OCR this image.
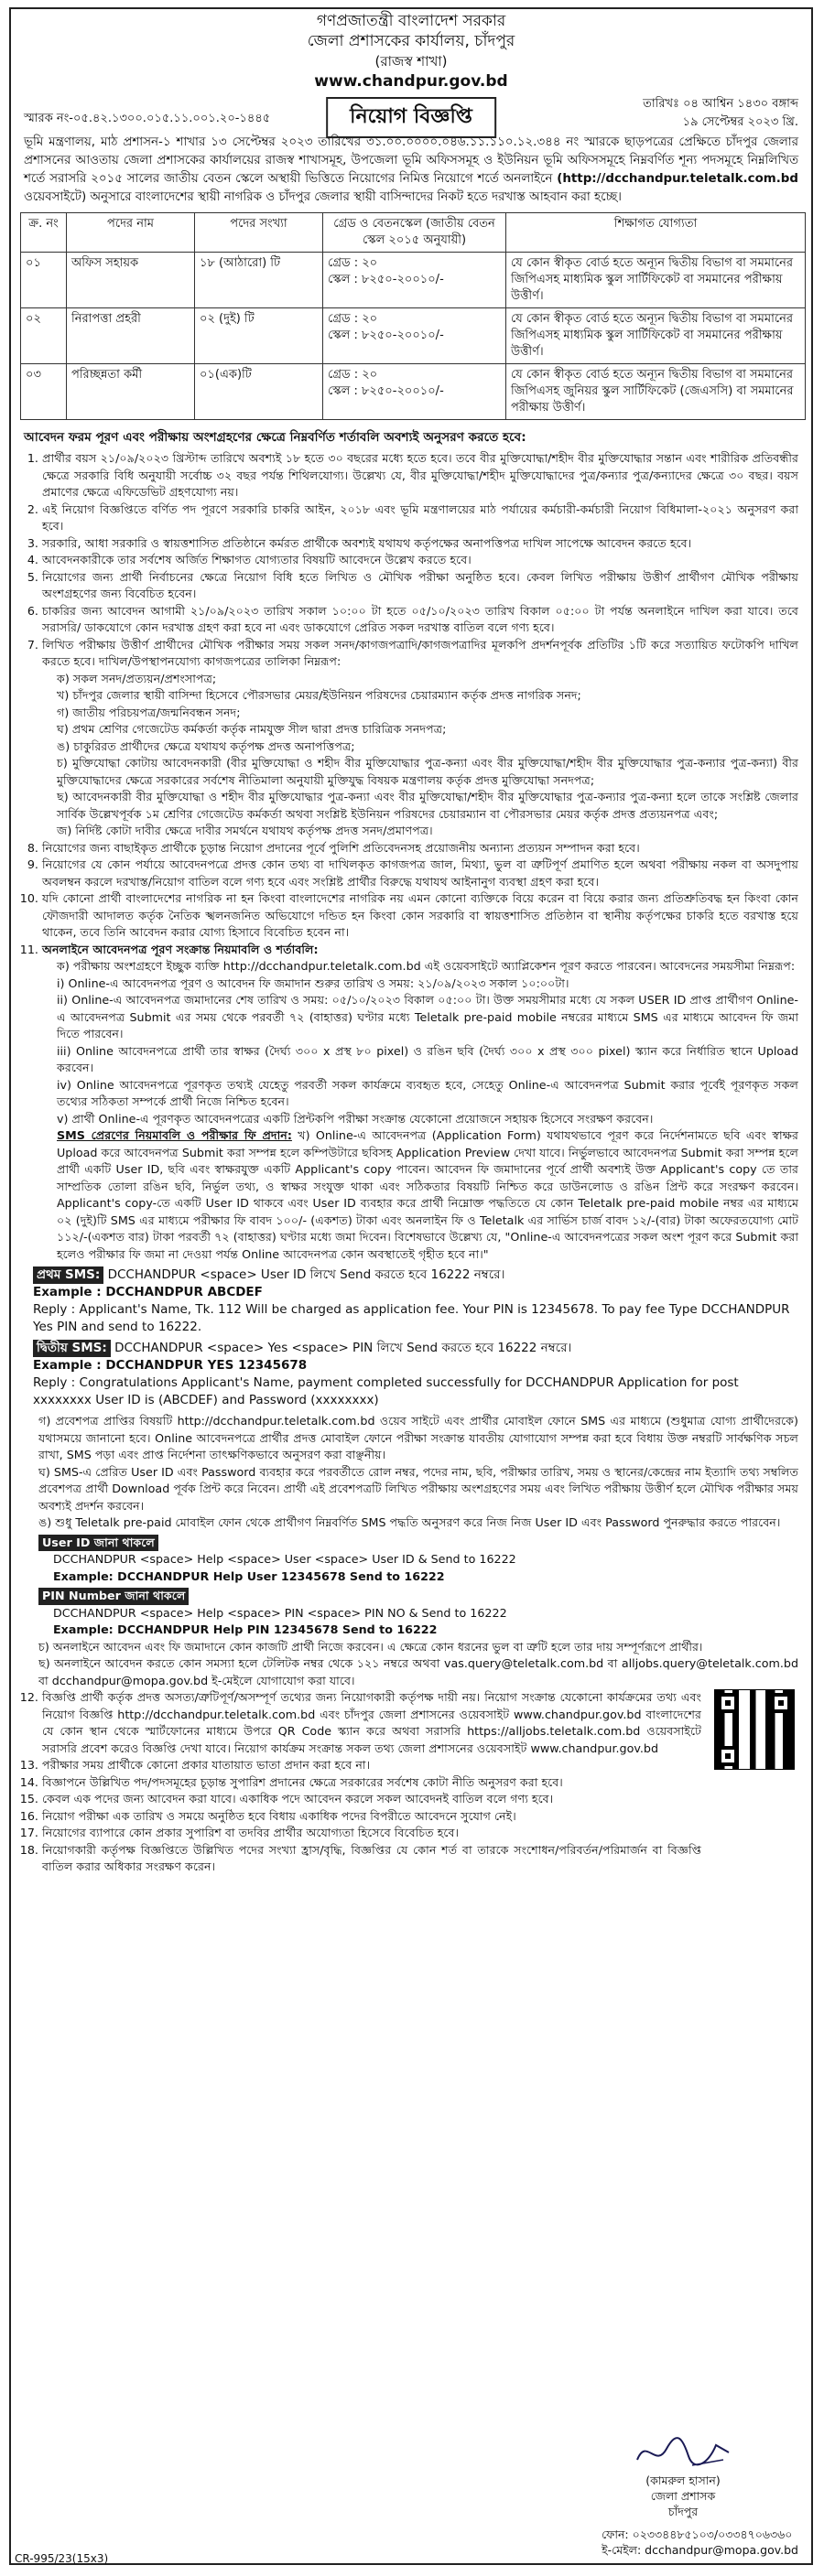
গণপ্রজাতন্ত্রী বাংলাদেশ সরকার
জেলা প্রশাসকের কার্যালয়, চাঁদপুর
(রাজস্ব শাখা)
www.chandpur.gov.bd
স্মারক নং-০৫.৪২.১৩০০.০১৫.১১.০০১.২০-১৪৪৫	নিয়োগ বিজ্ঞপ্তি
তারিখঃ ০৪ আশ্বিন ১৪৩০ বঙ্গাব্দ
১৯ সেপ্টেম্বর ২০২৩ খ্রি.
ভূমি মন্ত্রণালয়, মাঠ প্রশাসন-১ শাখার ১৩ সেপ্টেম্বর ২০২৩ তারিখের ৩১.০০.০০০০.০৪৬.১১.১১০.১২.৩৪৪ নং স্মারকে ছাড়পত্রের প্রেক্ষিতে চাঁদপুর জেলার প্রশাসনের আওতায় জেলা প্রশাসকের কার্যালয়ের রাজস্ব শাখাসমূহ, উপজেলা ভূমি অফিসসমূহ ও ইউনিয়ন ভূমি অফিসসমূহে নিম্নবর্ণিত শূন্য পদসমূহে নিম্নলিখিত শর্তে সরাসরি ২০১৫ সালের জাতীয় বেতন স্কেলে অস্থায়ী ভিত্তিতে নিয়োগের নিমিত্ত নিয়োগে শর্তে অনলাইনে (http://dcchandpur.teletalk.com.bd ওয়েবসাইটে) অনুসারে বাংলাদেশের স্থায়ী নাগরিক ও চাঁদপুর জেলার স্থায়ী বাসিন্দাদের নিকট হতে দরখাস্ত আহবান করা হচ্ছে।
ক্র. নং	পদের নাম	পদের সংখ্যা	গ্রেড ও বেতনস্কেল (জাতীয় বেতন স্কেল ২০১৫ অনুযায়ী)	শিক্ষাগত যোগ্যতা
০১	অফিস সহায়ক	১৮ (আঠারো) টি	গ্রেড : ২০
স্কেল : ৮২৫০-২০০১০/-	যে কোন স্বীকৃত বোর্ড হতে অন্যূন দ্বিতীয় বিভাগ বা সমমানের জিপিএসহ মাধ্যমিক স্কুল সার্টিফিকেট বা সমমানের পরীক্ষায় উত্তীর্ণ।
০২	নিরাপত্তা প্রহরী	০২ (দুই) টি	গ্রেড : ২০
স্কেল : ৮২৫০-২০০১০/-	যে কোন স্বীকৃত বোর্ড হতে অন্যূন দ্বিতীয় বিভাগ বা সমমানের জিপিএসহ মাধ্যমিক স্কুল সার্টিফিকেট বা সমমানের পরীক্ষায় উত্তীর্ণ।
০৩	পরিচ্ছন্নতা কর্মী	০১(এক)টি	গ্রেড : ২০
স্কেল : ৮২৫০-২০০১০/-	যে কোন স্বীকৃত বোর্ড হতে অন্যূন দ্বিতীয় বিভাগ বা সমমানের জিপিএসহ জুনিয়র স্কুল সার্টিফিকেট (জেএসসি) বা সমমানের পরীক্ষায় উত্তীর্ণ।
আবেদন ফরম পূরণ এবং পরীক্ষায় অংশগ্রহণের ক্ষেত্রে নিম্নবর্ণিত শর্তাবলি অবশ্যই অনুসরণ করতে হবে:
1. প্রার্থীর বয়স ২১/০৯/২০২৩ খ্রিস্টাব্দ তারিখে অবশ্যই ১৮ হতে ৩০ বছরের মধ্যে হতে হবে। তবে বীর মুক্তিযোদ্ধা/শহীদ বীর মুক্তিযোদ্ধার সন্তান এবং শারীরিক প্রতিবন্ধীর ক্ষেত্রে সরকারি বিধি অনুযায়ী সর্বোচ্চ ৩২ বছর পর্যন্ত শিথিলযোগ্য। উল্লেখ্য যে, বীর মুক্তিযোদ্ধা/শহীদ মুক্তিযোদ্ধাদের পুত্র/কন্যার পুত্র/কন্যাদের ক্ষেত্রে ৩০ বছর। বয়স প্রমাণের ক্ষেত্রে এফিডেভিট গ্রহণযোগ্য নয়।
2. এই নিয়োগ বিজ্ঞপ্তিতে বর্ণিত পদ পূরণে সরকারি চাকরি আইন, ২০১৮ এবং ভূমি মন্ত্রণালয়ের মাঠ পর্যায়ের কর্মচারী-কর্মচারী নিয়োগ বিধিমালা-২০২১ অনুসরণ করা হবে।
3. সরকারি, আধা সরকারি ও স্বায়ত্তশাসিত প্রতিষ্ঠানে কর্মরত প্রার্থীকে অবশ্যই যথাযথ কর্তৃপক্ষের অনাপত্তিপত্র দাখিল সাপেক্ষে আবেদন করতে হবে।
4. আবেদনকারীকে তার সর্বশেষ অর্জিত শিক্ষাগত যোগ্যতার বিষয়টি আবেদনে উল্লেখ করতে হবে।
5. নিয়োগের জন্য প্রার্থী নির্বাচনের ক্ষেত্রে নিয়োগ বিধি হতে লিখিত ও মৌখিক পরীক্ষা অনুষ্ঠিত হবে। কেবল লিখিত পরীক্ষায় উত্তীর্ণ প্রার্থীগণ মৌখিক পরীক্ষায় অংশগ্রহণের জন্য বিবেচিত হবেন।
6. চাকরির জন্য আবেদন আগামী ২১/০৯/২০২৩ তারিখ সকাল ১০:০০ টা হতে ০৫/১০/২০২৩ তারিখ বিকাল ০৫:০০ টা পর্যন্ত অনলাইনে দাখিল করা যাবে। তবে সরাসরি/ ডাকযোগে কোন দরখাস্ত গ্রহণ করা হবে না এবং ডাকযোগে প্রেরিত সকল দরখাস্ত বাতিল বলে গণ্য হবে।
7. লিখিত পরীক্ষায় উত্তীর্ণ প্রার্থীদের মৌখিক পরীক্ষার সময় সকল সনদ/কাগজপত্রাদি/কাগজপত্রাদির মূলকপি প্রদর্শনপূর্বক প্রতিটির ১টি করে সত্যায়িত ফটোকপি দাখিল করতে হবে। দাখিল/উপস্থাপনযোগ্য কাগজপত্রের তালিকা নিম্নরূপ:
ক) সকল সনদ/প্রত্যয়ন/প্রশংসাপত্র;
খ) চাঁদপুর জেলার স্থায়ী বাসিন্দা হিসেবে পৌরসভার মেয়র/ইউনিয়ন পরিষদের চেয়ারম্যান কর্তৃক প্রদত্ত নাগরিক সনদ;
গ) জাতীয় পরিচয়পত্র/জন্মনিবন্ধন সনদ;
ঘ) প্রথম শ্রেণির গেজেটেড কর্মকর্তা কর্তৃক নামযুক্ত সীল দ্বারা প্রদত্ত চারিত্রিক সনদপত্র;
ঙ) চাকুরিরত প্রার্থীদের ক্ষেত্রে যথাযথ কর্তৃপক্ষ প্রদত্ত অনাপত্তিপত্র;
চ) মুক্তিযোদ্ধা কোটায় আবেদনকারী (বীর মুক্তিযোদ্ধা ও শহীদ বীর মুক্তিযোদ্ধার পুত্র-কন্যা এবং বীর মুক্তিযোদ্ধা/শহীদ বীর মুক্তিযোদ্ধার পুত্র-কন্যার পুত্র-কন্যা) বীর মুক্তিযোদ্ধাদের ক্ষেত্রে সরকারের সর্বশেষ নীতিমালা অনুযায়ী মুক্তিযুদ্ধ বিষয়ক মন্ত্রণালয় কর্তৃক প্রদত্ত মুক্তিযোদ্ধা সনদপত্র;
ছ) আবেদনকারী বীর মুক্তিযোদ্ধা ও শহীদ বীর মুক্তিযোদ্ধার পুত্র-কন্যা এবং বীর মুক্তিযোদ্ধা/শহীদ বীর মুক্তিযোদ্ধার পুত্র-কন্যার পুত্র-কন্যা হলে তাকে সংশ্লিষ্ট জেলার সার্বিক উল্লেখপূর্বক ১ম শ্রেণির গেজেটেড কর্মকর্তা অথবা সংশ্লিষ্ট ইউনিয়ন পরিষদের চেয়ারম্যান বা পৌরসভার মেয়র কর্তৃক প্রদত্ত প্রত্যয়নপত্র এবং;
জ) নির্দিষ্ট কোটা দাবীর ক্ষেত্রে দাবীর সমর্থনে যথাযথ কর্তৃপক্ষ প্রদত্ত সনদ/প্রমাণপত্র।
8. নিয়োগের জন্য বাছাইকৃত প্রার্থীকে চূড়ান্ত নিয়োগ প্রদানের পূর্বে পুলিশি প্রতিবেদনসহ প্রয়োজনীয় অন্যান্য প্রত্যয়ন সম্পাদন করা হবে।
9. নিয়োগের যে কোন পর্যায়ে আবেদনপত্রে প্রদত্ত কোন তথ্য বা দাখিলকৃত কাগজপত্র জাল, মিথ্যা, ভুল বা ত্রুটিপূর্ণ প্রমাণিত হলে অথবা পরীক্ষায় নকল বা অসদুপায় অবলম্বন করলে দরখাস্ত/নিয়োগ বাতিল বলে গণ্য হবে এবং সংশ্লিষ্ট প্রার্থীর বিরুদ্ধে যথাযথ আইনানুগ ব্যবস্থা গ্রহণ করা হবে।
10. যদি কোনো প্রার্থী বাংলাদেশের নাগরিক না হন কিংবা বাংলাদেশের নাগরিক নয় এমন কোনো ব্যক্তিকে বিয়ে করেন বা বিয়ে করার জন্য প্রতিশ্রুতিবদ্ধ হন কিংবা কোন ফৌজদারী আদালত কর্তৃক নৈতিক স্খলনজনিত অভিযোগে দন্ডিত হন কিংবা কোন সরকারি বা স্বায়ত্তশাসিত প্রতিষ্ঠান বা স্থানীয় কর্তৃপক্ষের চাকরি হতে বরখাস্ত হয়ে থাকেন, তবে তিনি আবেদন করার যোগ্য হিসাবে বিবেচিত হবেন না।
11. অনলাইনে আবেদনপত্র পূরণ সংক্রান্ত নিয়মাবলি ও শর্তাবলি:
ক) পরীক্ষায় অংশগ্রহণে ইচ্ছুক ব্যক্তি http://dcchandpur.teletalk.com.bd এই ওয়েবসাইটে অ্যাপ্লিকেশন পূরণ করতে পারবেন। আবেদনের সময়সীমা নিম্নরূপ:
i) Online-এ আবেদনপত্র পূরণ ও আবেদন ফি জমাদান শুরুর তারিখ ও সময়: ২১/০৯/২০২৩ সকাল ১০:০০টা।
ii) Online-এ আবেদনপত্র জমাদানের শেষ তারিখ ও সময়: ০৫/১০/২০২৩ বিকাল ০৫:০০ টা। উক্ত সময়সীমার মধ্যে যে সকল USER ID প্রাপ্ত প্রার্থীগণ Online-এ আবেদনপত্র Submit এর সময় থেকে পরবর্তী ৭২ (বাহাত্তর) ঘণ্টার মধ্যে Teletalk pre-paid mobile নম্বরের মাধ্যমে SMS এর মাধ্যমে আবেদন ফি জমা দিতে পারবেন।
iii) Online আবেদনপত্রে প্রার্থী তার স্বাক্ষর (দৈর্ঘ্য ৩০০ x প্রস্থ ৮০ pixel) ও রঙিন ছবি (দৈর্ঘ্য ৩০০ x প্রস্থ ৩০০ pixel) স্ক্যান করে নির্ধারিত স্থানে Upload করবেন।
iv) Online আবেদনপত্রে পূরণকৃত তথ্যই যেহেতু পরবর্তী সকল কার্যক্রমে ব্যবহৃত হবে, সেহেতু Online-এ আবেদনপত্র Submit করার পূর্বেই পূরণকৃত সকল তথ্যের সঠিকতা সম্পর্কে প্রার্থী নিজে নিশ্চিত হবেন।
v) প্রার্থী Online-এ পূরণকৃত আবেদনপত্রের একটি প্রিন্টকপি পরীক্ষা সংক্রান্ত যেকোনো প্রয়োজনে সহায়ক হিসেবে সংরক্ষণ করবেন।
SMS প্রেরণের নিয়মাবলি ও পরীক্ষার ফি প্রদান: খ) Online-এ আবেদনপত্র (Application Form) যথাযথভাবে পূরণ করে নির্দেশনামতে ছবি এবং স্বাক্ষর Upload করে আবেদনপত্র Submit করা সম্পন্ন হলে কম্পিউটারে ছবিসহ Application Preview দেখা যাবে। নির্ভুলভাবে আবেদনপত্র Submit করা সম্পন্ন হলে প্রার্থী একটি User ID, ছবি এবং স্বাক্ষরযুক্ত একটি Applicant's copy পাবেন। আবেদন ফি জমাদানের পূর্বে প্রার্থী অবশ্যই উক্ত Applicant's copy তে তার সাম্প্রতিক তোলা রঙিন ছবি, নির্ভুল তথ্য, ও স্বাক্ষর সংযুক্ত থাকা এবং সঠিকতার বিষয়টি নিশ্চিত করে ডাউনলোড ও রঙিন প্রিন্ট করে সংরক্ষণ করবেন। Applicant's copy-তে একটি User ID থাকবে এবং User ID ব্যবহার করে প্রার্থী নিম্নোক্ত পদ্ধতিতে যে কোন Teletalk pre-paid mobile নম্বর এর মাধ্যমে ০২ (দুই)টি SMS এর মাধ্যমে পরীক্ষার ফি বাবদ ১০০/- (একশত) টাকা এবং অনলাইন ফি ও Teletalk এর সার্ভিস চার্জ বাবদ ১২/-(বার) টাকা অফেরতযোগ্য মোট ১১২/-(একশত বার) টাকা পরবর্তী ৭২ (বাহাত্তর) ঘণ্টার মধ্যে জমা দিবেন। বিশেষভাবে উল্লেখ্য যে, "Online-এ আবেদনপত্রের সকল অংশ পূরণ করে Submit করা হলেও পরীক্ষার ফি জমা না দেওয়া পর্যন্ত Online আবেদনপত্র কোন অবস্থাতেই গৃহীত হবে না।"
প্রথম SMS: DCCHANDPUR <space> User ID লিখে Send করতে হবে 16222 নম্বরে।
Example : DCCHANDPUR ABCDEF
Reply : Applicant's Name, Tk. 112 Will be charged as application fee. Your PIN is 12345678. To pay fee Type DCCHANDPUR Yes PIN and send to 16222.
দ্বিতীয় SMS: DCCHANDPUR <space> Yes <space> PIN লিখে Send করতে হবে 16222 নম্বরে।
Example : DCCHANDPUR YES 12345678
Reply : Congratulations Applicant's Name, payment completed successfully for DCCHANDPUR Application for post xxxxxxxx User ID is (ABCDEF) and Password (xxxxxxxx)
গ) প্রবেশপত্র প্রাপ্তির বিষয়টি http://dcchandpur.teletalk.com.bd ওয়েব সাইটে এবং প্রার্থীর মোবাইল ফোনে SMS এর মাধ্যমে (শুধুমাত্র যোগ্য প্রার্থীদেরকে) যথাসময়ে জানানো হবে। Online আবেদনপত্রে প্রার্থীর প্রদত্ত মোবাইল ফোনে পরীক্ষা সংক্রান্ত যাবতীয় যোগাযোগ সম্পন্ন করা হবে বিধায় উক্ত নম্বরটি সার্বক্ষণিক সচল রাখা, SMS পড়া এবং প্রাপ্ত নির্দেশনা তাৎক্ষণিকভাবে অনুসরণ করা বাঞ্ছনীয়।
ঘ) SMS-এ প্রেরিত User ID এবং Password ব্যবহার করে পরবর্তীতে রোল নম্বর, পদের নাম, ছবি, পরীক্ষার তারিখ, সময় ও স্থানের/কেন্দ্রের নাম ইত্যাদি তথ্য সম্বলিত প্রবেশপত্র প্রার্থী Download পূর্বক প্রিন্ট করে নিবেন। প্রার্থী এই প্রবেশপত্রটি লিখিত পরীক্ষায় অংশগ্রহণের সময় এবং লিখিত পরীক্ষায় উত্তীর্ণ হলে মৌখিক পরীক্ষার সময় অবশ্যই প্রদর্শন করবেন।
ঙ) শুধু Teletalk pre-paid মোবাইল ফোন থেকে প্রার্থীগণ নিম্নবর্ণিত SMS পদ্ধতি অনুসরণ করে নিজ নিজ User ID এবং Password পুনরুদ্ধার করতে পারবেন।
User ID জানা থাকলে
DCCHANDPUR <space> Help <space> User <space> User ID & Send to 16222
Example: DCCHANDPUR Help User 12345678 Send to 16222
PIN Number জানা থাকলে
DCCHANDPUR <space> Help <space> PIN <space> PIN NO & Send to 16222
Example: DCCHANDPUR Help PIN 12345678 Send to 16222
চ) অনলাইনে আবেদন এবং ফি জমাদানে কোন কাজটি প্রার্থী নিজে করবেন। এ ক্ষেত্রে কোন ধরনের ভুল বা ত্রুটি হলে তার দায় সম্পূর্ণরূপে প্রার্থীর।
ছ) অনলাইনে আবেদন করতে কোন সমস্যা হলে টেলিটক নম্বর থেকে ১২১ নম্বরে অথবা vas.query@teletalk.com.bd বা alljobs.query@teletalk.com.bd বা dcchandpur@mopa.gov.bd ই-মেইলে যোগাযোগ করা যাবে।
12. বিজ্ঞপ্তি প্রার্থী কর্তৃক প্রদত্ত অসত্য/ত্রুটিপূর্ণ/অসম্পূর্ণ তথ্যের জন্য নিয়োগকারী কর্তৃপক্ষ দায়ী নয়। নিয়োগ সংক্রান্ত যেকোনো কার্যক্রমের তথ্য এবং নিয়োগ বিজ্ঞপ্তি http://dcchandpur.teletalk.com.bd এবং চাঁদপুর জেলা প্রশাসনের ওয়েবসাইট www.chandpur.gov.bd বাংলাদেশের যে কোন স্থান থেকে স্মার্টফোনের মাধ্যমে উপরে QR Code স্ক্যান করে অথবা সরাসরি https://alljobs.teletalk.com.bd ওয়েবসাইটে সরাসরি প্রবেশ করেও বিজ্ঞপ্তি দেখা যাবে। নিয়োগ কার্যক্রম সংক্রান্ত সকল তথ্য জেলা প্রশাসনের ওয়েবসাইট www.chandpur.gov.bd
13. পরীক্ষার সময় প্রার্থীকে কোনো প্রকার যাতায়াত ভাতা প্রদান করা হবে না।
14. বিজ্ঞাপনে উল্লিখিত পদ/পদসমূহের চূড়ান্ত সুপারিশ প্রদানের ক্ষেত্রে সরকারের সর্বশেষ কোটা নীতি অনুসরণ করা হবে।
15. কেবল এক পদের জন্য আবেদন করা যাবে। একাধিক পদে আবেদন করলে সকল আবেদনই বাতিল বলে গণ্য হবে।
16. নিয়োগ পরীক্ষা এক তারিখ ও সময়ে অনুষ্ঠিত হবে বিধায় একাধিক পদের বিপরীতে আবেদনে সুযোগ নেই।
17. নিয়োগের ব্যাপারে কোন প্রকার সুপারিশ বা তদবির প্রার্থীর অযোগ্যতা হিসেবে বিবেচিত হবে।
18. নিয়োগকারী কর্তৃপক্ষ বিজ্ঞপ্তিতে উল্লিখিত পদের সংখ্যা হ্রাস/বৃদ্ধি, বিজ্ঞপ্তির যে কোন শর্ত বা তারকে সংশোধন/পরিবর্তন/পরিমার্জন বা বিজ্ঞপ্তি বাতিল করার অধিকার সংরক্ষণ করেন।
(কামরুল হাসান)
জেলা প্রশাসক
চাঁদপুর
ফোন: ০২৩৩৪৪৮৫১০৩/০৩৩৪৭০৬৩৬০
ই-মেইল: dcchandpur@mopa.gov.bd
CR-995/23(15x3)
